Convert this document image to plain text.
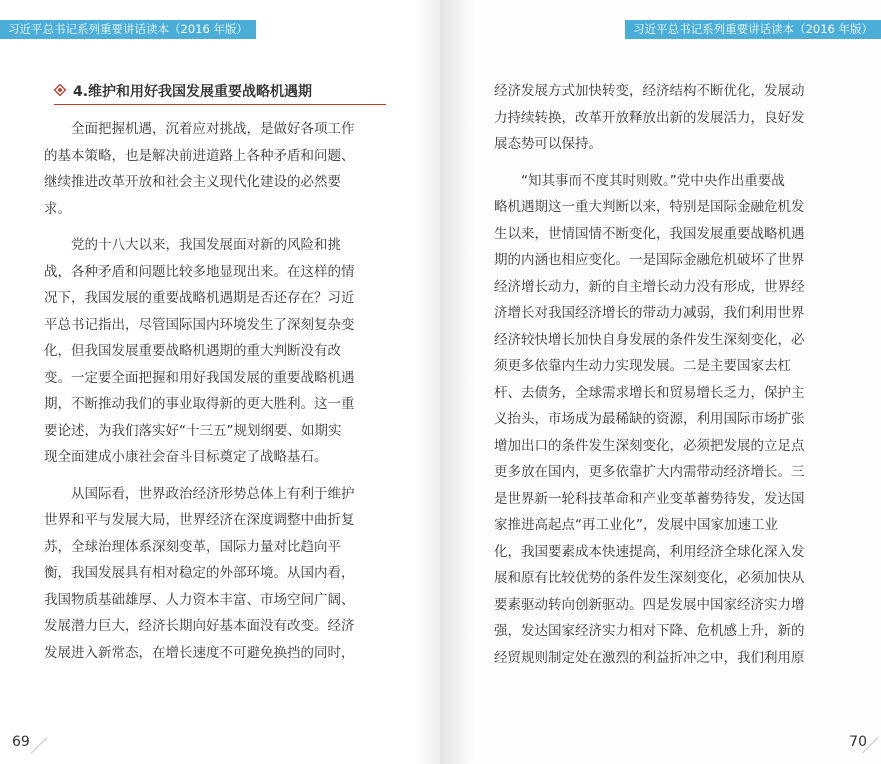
习近平总书记系列重要讲话读本（2016 年版）
4.维护和用好我国发展重要战略机遇期
全面把握机遇，沉着应对挑战，是做好各项工作
的基本策略，也是解决前进道路上各种矛盾和问题、
继续推进改革开放和社会主义现代化建设的必然要
求。
党的十八大以来，我国发展面对新的风险和挑
战，各种矛盾和问题比较多地显现出来。在这样的情
况下，我国发展的重要战略机遇期是否还存在？习近
平总书记指出，尽管国际国内环境发生了深刻复杂变
化，但我国发展重要战略机遇期的重大判断没有改
变。一定要全面把握和用好我国发展的重要战略机遇
期，不断推动我们的事业取得新的更大胜利。这一重
要论述，为我们落实好“十三五”规划纲要、如期实
现全面建成小康社会奋斗目标奠定了战略基石。
从国际看，世界政治经济形势总体上有利于维护
世界和平与发展大局，世界经济在深度调整中曲折复
苏，全球治理体系深刻变革，国际力量对比趋向平
衡，我国发展具有相对稳定的外部环境。从国内看，
我国物质基础雄厚、人力资本丰富、市场空间广阔、
发展潜力巨大，经济长期向好基本面没有改变。经济
发展进入新常态，在增长速度不可避免换挡的同时，
69
习近平总书记系列重要讲话读本（2016 年版）
经济发展方式加快转变，经济结构不断优化，发展动
力持续转换，改革开放释放出新的发展活力，良好发
展态势可以保持。
“知其事而不度其时则败。”党中央作出重要战
略机遇期这一重大判断以来，特别是国际金融危机发
生以来，世情国情不断变化，我国发展重要战略机遇
期的内涵也相应变化。一是国际金融危机破坏了世界
经济增长动力，新的自主增长动力没有形成，世界经
济增长对我国经济增长的带动力减弱，我们利用世界
经济较快增长加快自身发展的条件发生深刻变化，必
须更多依靠内生动力实现发展。二是主要国家去杠
杆、去债务，全球需求增长和贸易增长乏力，保护主
义抬头，市场成为最稀缺的资源，利用国际市场扩张
增加出口的条件发生深刻变化，必须把发展的立足点
更多放在国内，更多依靠扩大内需带动经济增长。三
是世界新一轮科技革命和产业变革蓄势待发，发达国
家推进高起点“再工业化”，发展中国家加速工业
化，我国要素成本快速提高，利用经济全球化深入发
展和原有比较优势的条件发生深刻变化，必须加快从
要素驱动转向创新驱动。四是发展中国家经济实力增
强，发达国家经济实力相对下降、危机感上升，新的
经贸规则制定处在激烈的利益折冲之中，我们利用原
70
